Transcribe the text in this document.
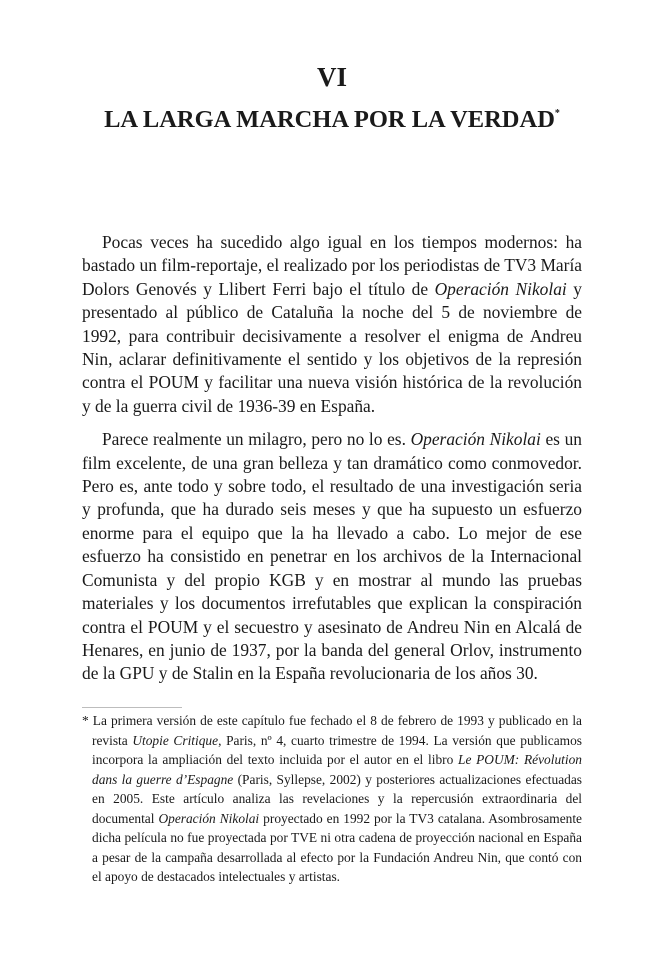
VI
LA LARGA MARCHA POR LA VERDAD*

Pocas veces ha sucedido algo igual en los tiempos modernos: ha bastado un film-reportaje, el realizado por los periodistas de TV3 María Dolors Genovés y Llibert Ferri bajo el título de Operación Nikolai y presentado al público de Cataluña la noche del 5 de noviembre de 1992, para contribuir decisivamente a resolver el enigma de Andreu Nin, aclarar definitivamente el sentido y los objetivos de la represión contra el POUM y facilitar una nueva visión histórica de la revolución y de la guerra civil de 1936-39 en España.

Parece realmente un milagro, pero no lo es. Operación Nikolai es un film excelente, de una gran belleza y tan dramático como conmovedor. Pero es, ante todo y sobre todo, el resultado de una investigación seria y profunda, que ha durado seis meses y que ha supuesto un esfuerzo enorme para el equipo que la ha llevado a cabo. Lo mejor de ese esfuerzo ha consistido en penetrar en los archivos de la Internacional Comunista y del propio KGB y en mostrar al mundo las pruebas materiales y los documentos irrefutables que explican la conspiración contra el POUM y el secuestro y asesinato de Andreu Nin en Alcalá de Henares, en junio de 1937, por la banda del general Orlov, instrumento de la GPU y de Stalin en la España revolucionaria de los años 30.

* La primera versión de este capítulo fue fechado el 8 de febrero de 1993 y publicado en la revista Utopie Critique, Paris, nº 4, cuarto trimestre de 1994. La versión que publicamos incorpora la ampliación del texto incluida por el autor en el libro Le POUM: Révolution dans la guerre d’Espagne (Paris, Syllepse, 2002) y posteriores actualizaciones efectuadas en 2005. Este artículo analiza las revelaciones y la repercusión extraordinaria del documental Operación Nikolai proyectado en 1992 por la TV3 catalana. Asombrosamente dicha película no fue proyectada por TVE ni otra cadena de proyección nacional en España a pesar de la campaña desarrollada al efecto por la Fundación Andreu Nin, que contó con el apoyo de destacados intelectuales y artistas.
